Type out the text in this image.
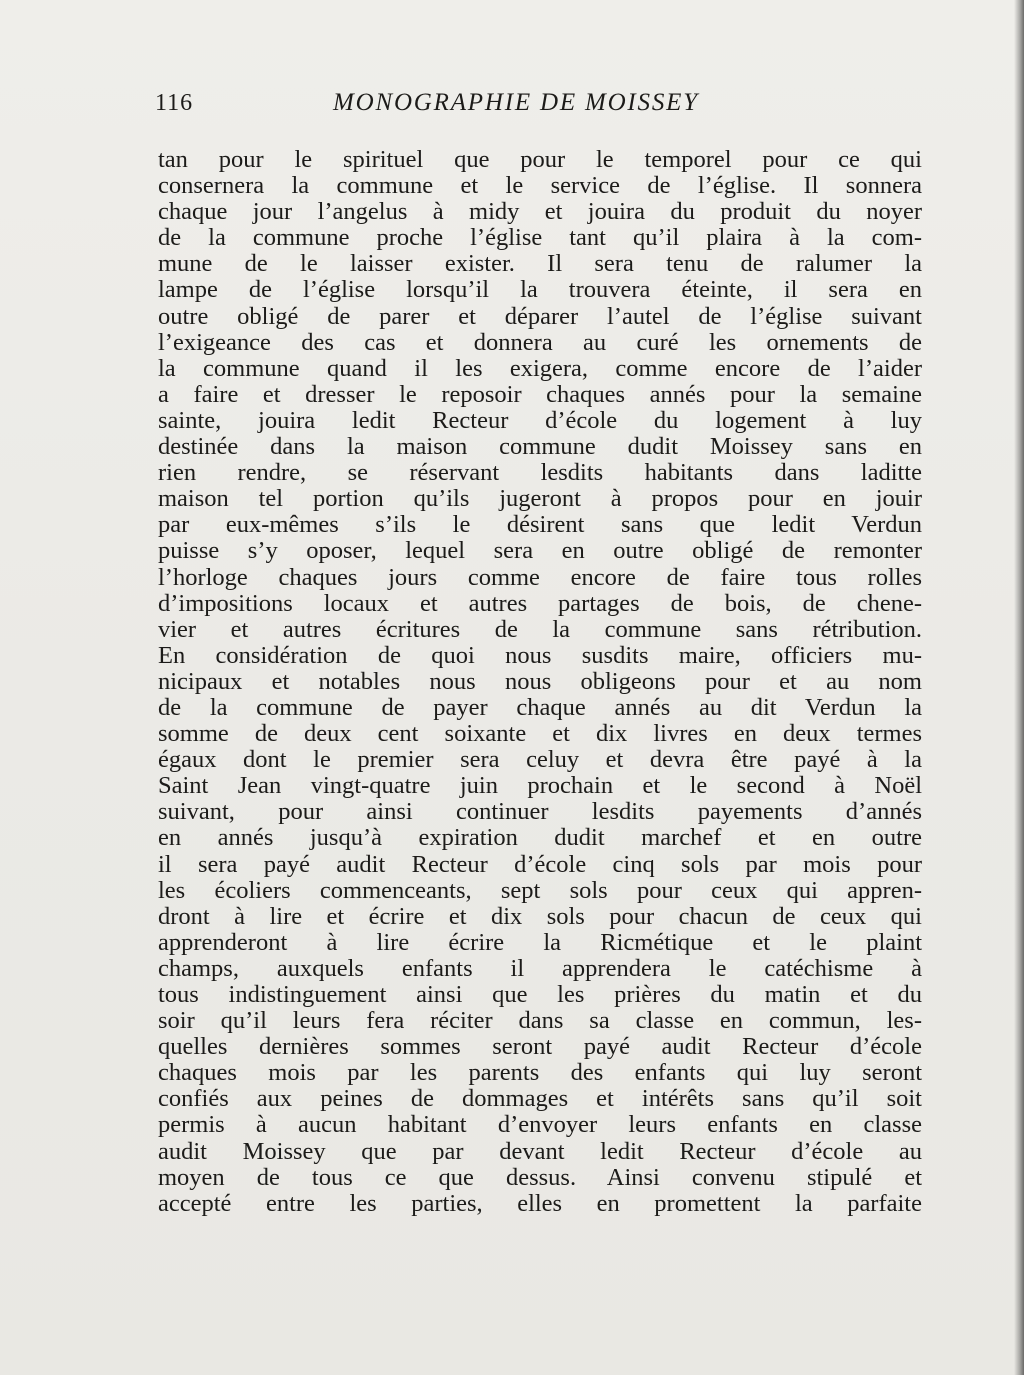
116	MONOGRAPHIE DE MOISSEY
tan pour le spirituel que pour le temporel pour ce qui
consernera la commune et le service de l’église. Il sonnera
chaque jour l’angelus à midy et jouira du produit du noyer
de la commune proche l’église tant qu’il plaira à la com-
mune de le laisser exister. Il sera tenu de ralumer la
lampe de l’église lorsqu’il la trouvera éteinte, il sera en
outre obligé de parer et déparer l’autel de l’église suivant
l’exigeance des cas et donnera au curé les ornements de
la commune quand il les exigera, comme encore de l’aider
a faire et dresser le reposoir chaques annés pour la semaine
sainte, jouira ledit Recteur d’école du logement à luy
destinée dans la maison commune dudit Moissey sans en
rien rendre, se réservant lesdits habitants dans laditte
maison tel portion qu’ils jugeront à propos pour en jouir
par eux-mêmes s’ils le désirent sans que ledit Verdun
puisse s’y oposer, lequel sera en outre obligé de remonter
l’horloge chaques jours comme encore de faire tous rolles
d’impositions locaux et autres partages de bois, de chene-
vier et autres écritures de la commune sans rétribution.
En considération de quoi nous susdits maire, officiers mu-
nicipaux et notables nous nous obligeons pour et au nom
de la commune de payer chaque annés au dit Verdun la
somme de deux cent soixante et dix livres en deux termes
égaux dont le premier sera celuy et devra être payé à la
Saint Jean vingt-quatre juin prochain et le second à Noël
suivant, pour ainsi continuer lesdits payements d’annés
en annés jusqu’à expiration dudit marchef et en outre
il sera payé audit Recteur d’école cinq sols par mois pour
les écoliers commenceants, sept sols pour ceux qui appren-
dront à lire et écrire et dix sols pour chacun de ceux qui
apprenderont à lire écrire la Ricmétique et le plaint
champs, auxquels enfants il apprendera le catéchisme à
tous indistinguement ainsi que les prières du matin et du
soir qu’il leurs fera réciter dans sa classe en commun, les-
quelles dernières sommes seront payé audit Recteur d’école
chaques mois par les parents des enfants qui luy seront
confiés aux peines de dommages et intérêts sans qu’il soit
permis à aucun habitant d’envoyer leurs enfants en classe
audit Moissey que par devant ledit Recteur d’école au
moyen de tous ce que dessus. Ainsi convenu stipulé et
accepté entre les parties, elles en promettent la parfaite
